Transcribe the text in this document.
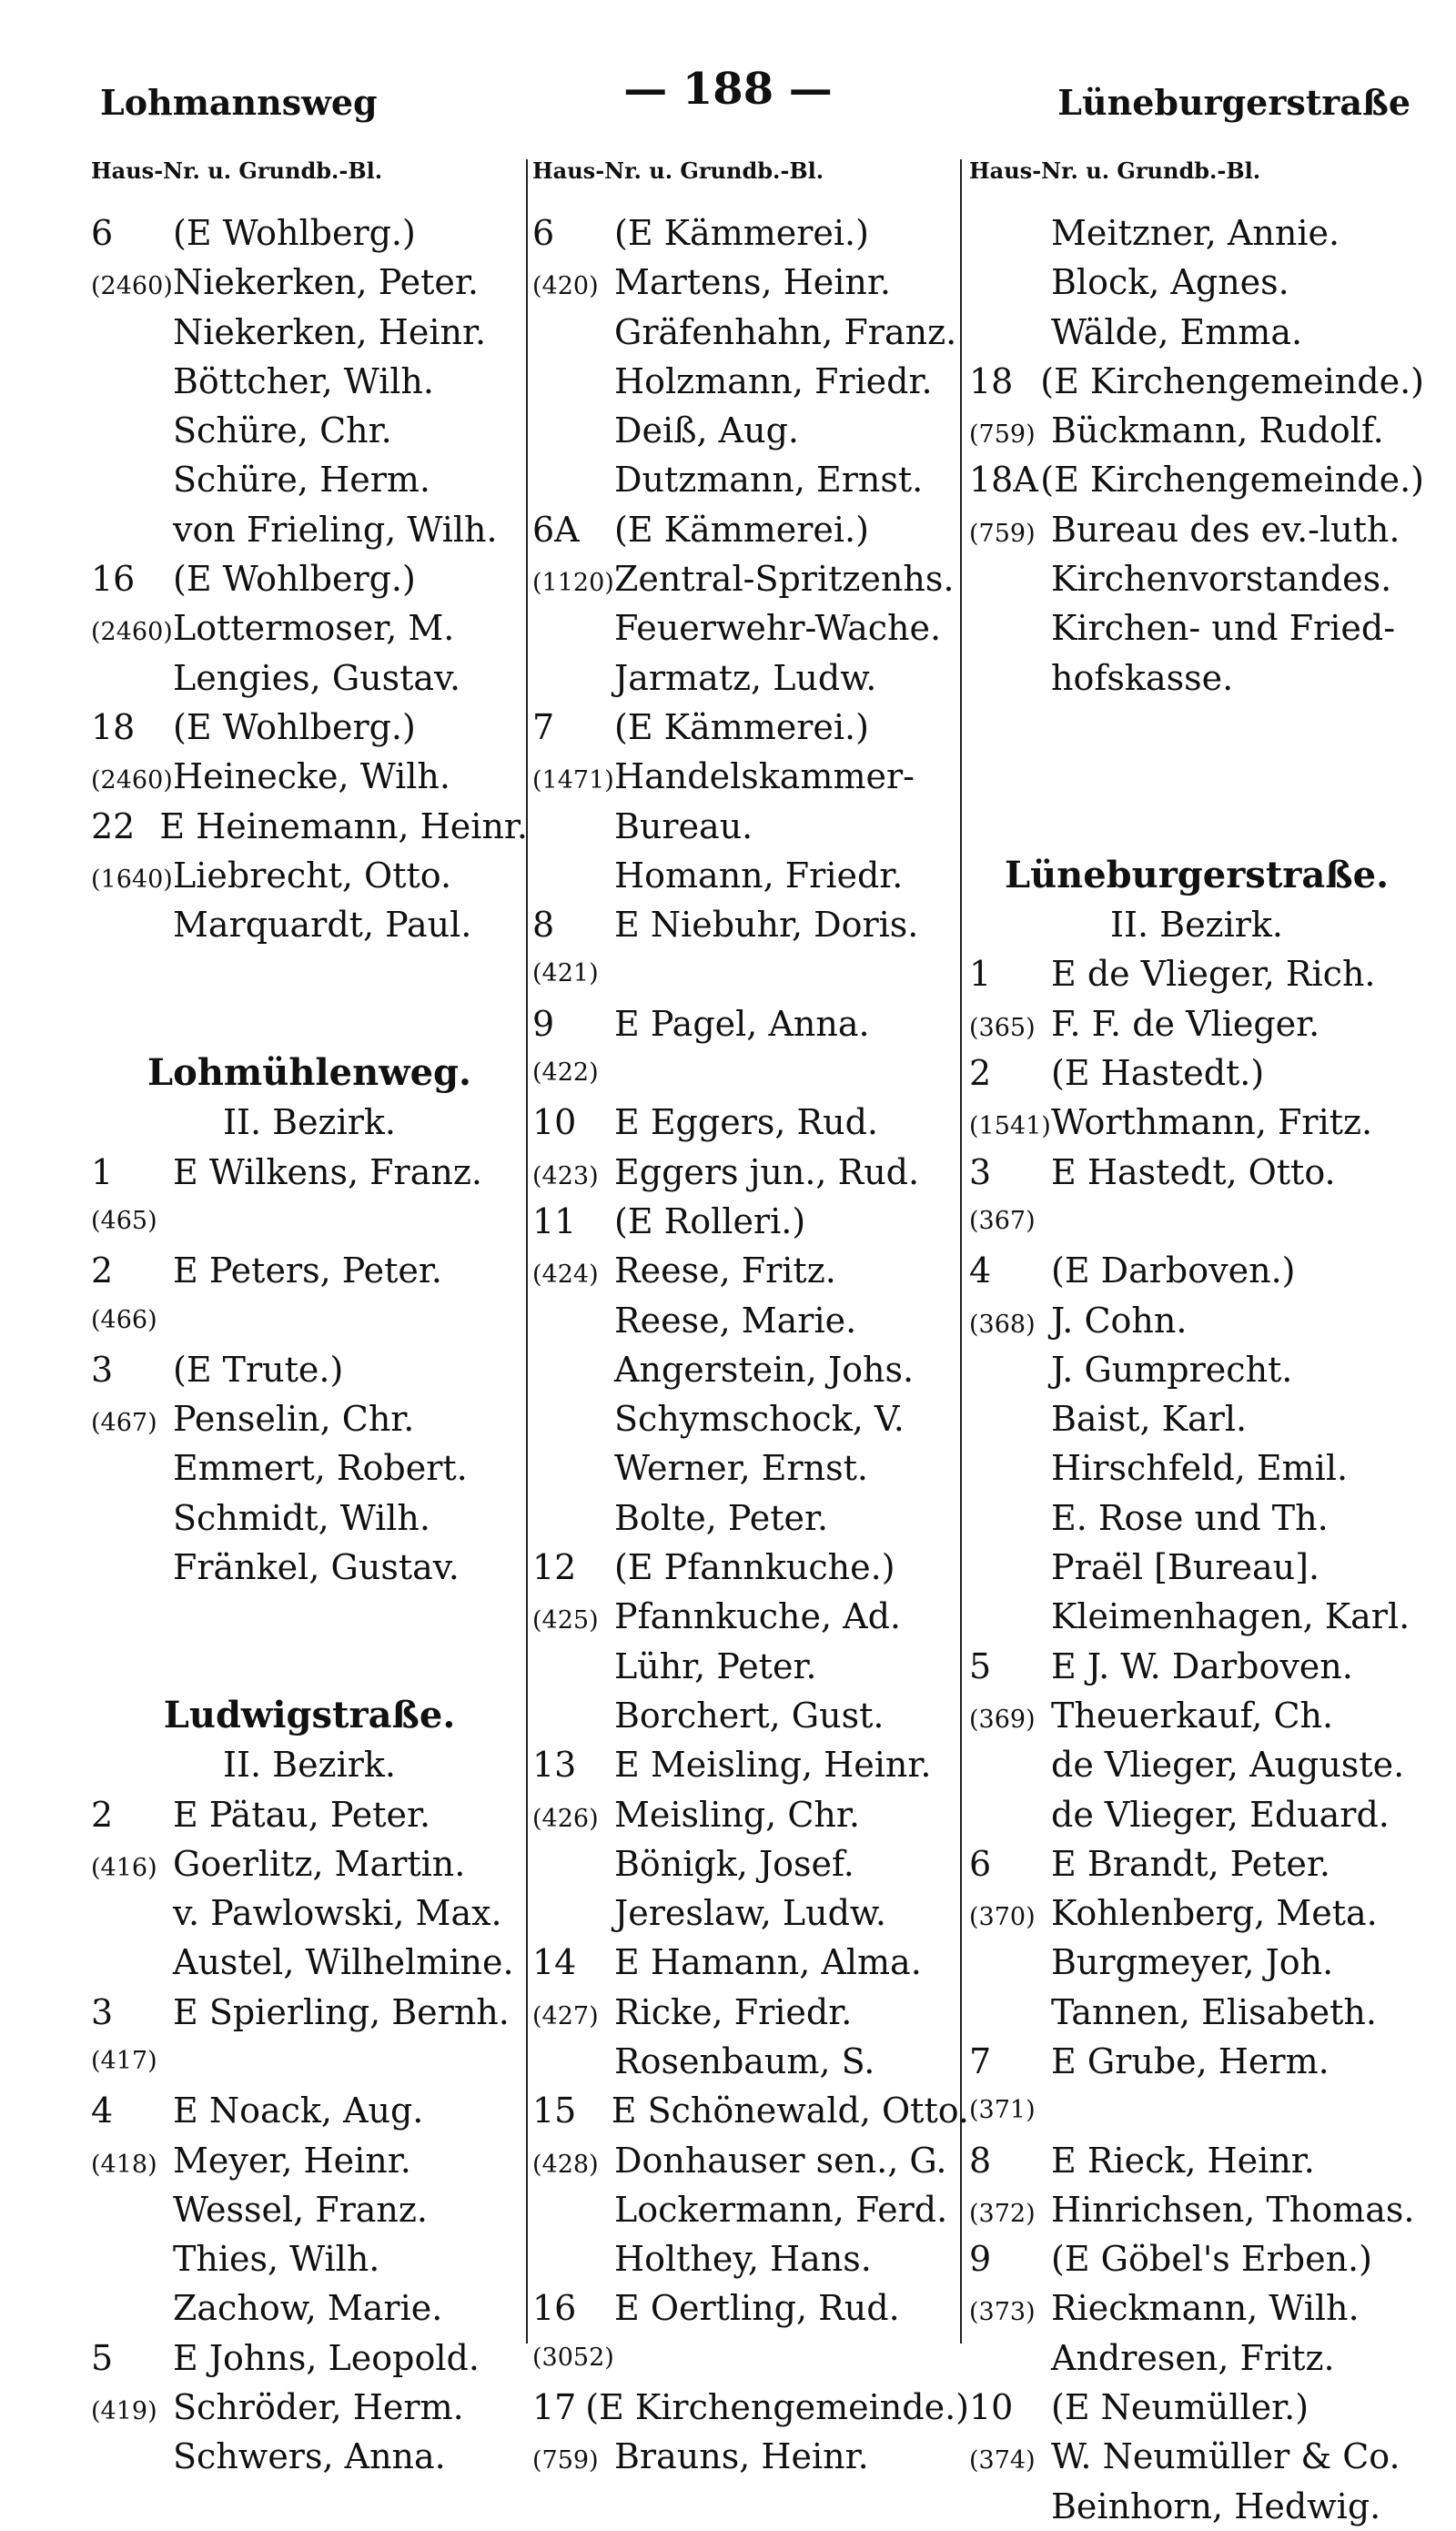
Lohmannsweg	— 188 —	Lüneburgerstraße
Haus-Nr. u. Grundb.-Bl.
6	(E Wohlberg.)
(2460) Niekerken, Peter.
Niekerken, Heinr.
Böttcher, Wilh.
Schüre, Chr.
Schüre, Herm.
von Frieling, Wilh.
16	(E Wohlberg.)
(2460) Lottermoser, M.
Lengies, Gustav.
18	(E Wohlberg.)
(2460) Heinecke, Wilh.
22 E Heinemann, Heinr.
(1640) Liebrecht, Otto.
Marquardt, Paul.
Lohmühlenweg.
II. Bezirk.
1	E Wilkens, Franz.
(465)
2	E Peters, Peter.
(466)
3	(E Trute.)
(467) Penselin, Chr.
Emmert, Robert.
Schmidt, Wilh.
Fränkel, Gustav.
Ludwigstraße.
II. Bezirk.
2	E Pätau, Peter.
(416) Goerlitz, Martin.
v. Pawlowski, Max.
Austel, Wilhelmine.
3	E Spierling, Bernh.
(417)
4	E Noack, Aug.
(418) Meyer, Heinr.
Wessel, Franz.
Thies, Wilh.
Zachow, Marie.
5	E Johns, Leopold.
(419) Schröder, Herm.
Schwers, Anna.
Haus-Nr. u. Grundb.-Bl.
6	(E Kämmerei.)
(420) Martens, Heinr.
Gräfenhahn, Franz.
Holzmann, Friedr.
Deiß, Aug.
Dutzmann, Ernst.
6A	(E Kämmerei.)
(1120) Zentral-Spritzenhs.
Feuerwehr-Wache.
Jarmatz, Ludw.
7	(E Kämmerei.)
(1471) Handelskammer-
Bureau.
Homann, Friedr.
8	E Niebuhr, Doris.
(421)
9	E Pagel, Anna.
(422)
10	E Eggers, Rud.
(423) Eggers jun., Rud.
11	(E Rolleri.)
(424) Reese, Fritz.
Reese, Marie.
Angerstein, Johs.
Schymschock, V.
Werner, Ernst.
Bolte, Peter.
12	(E Pfannkuche.)
(425) Pfannkuche, Ad.
Lühr, Peter.
Borchert, Gust.
13	E Meisling, Heinr.
(426) Meisling, Chr.
Bönigk, Josef.
Jereslaw, Ludw.
14	E Hamann, Alma.
(427) Ricke, Friedr.
Rosenbaum, S.
15	E Schönewald, Otto.
(428) Donhauser sen., G.
Lockermann, Ferd.
Holthey, Hans.
16	E Oertling, Rud.
(3052)
17 (E Kirchengemeinde.)
(759) Brauns, Heinr.
Haus-Nr. u. Grundb.-Bl.
Meitzner, Annie.
Block, Agnes.
Wälde, Emma.
18 (E Kirchengemeinde.)
(759) Bückmann, Rudolf.
18A (E Kirchengemeinde.)
(759) Bureau des ev.-luth.
Kirchenvorstandes.
Kirchen- und Fried-
hofskasse.
Lüneburgerstraße.
II. Bezirk.
1	E de Vlieger, Rich.
(365) F. F. de Vlieger.
2	(E Hastedt.)
(1541) Worthmann, Fritz.
3	E Hastedt, Otto.
(367)
4	(E Darboven.)
(368) J. Cohn.
J. Gumprecht.
Baist, Karl.
Hirschfeld, Emil.
E. Rose und Th.
Praël [Bureau].
Kleimenhagen, Karl.
5	E J. W. Darboven.
(369) Theuerkauf, Ch.
de Vlieger, Auguste.
de Vlieger, Eduard.
6	E Brandt, Peter.
(370) Kohlenberg, Meta.
Burgmeyer, Joh.
Tannen, Elisabeth.
7	E Grube, Herm.
(371)
8	E Rieck, Heinr.
(372) Hinrichsen, Thomas.
9	(E Göbel's Erben.)
(373) Rieckmann, Wilh.
Andresen, Fritz.
10	(E Neumüller.)
(374) W. Neumüller & Co.
Beinhorn, Hedwig.
